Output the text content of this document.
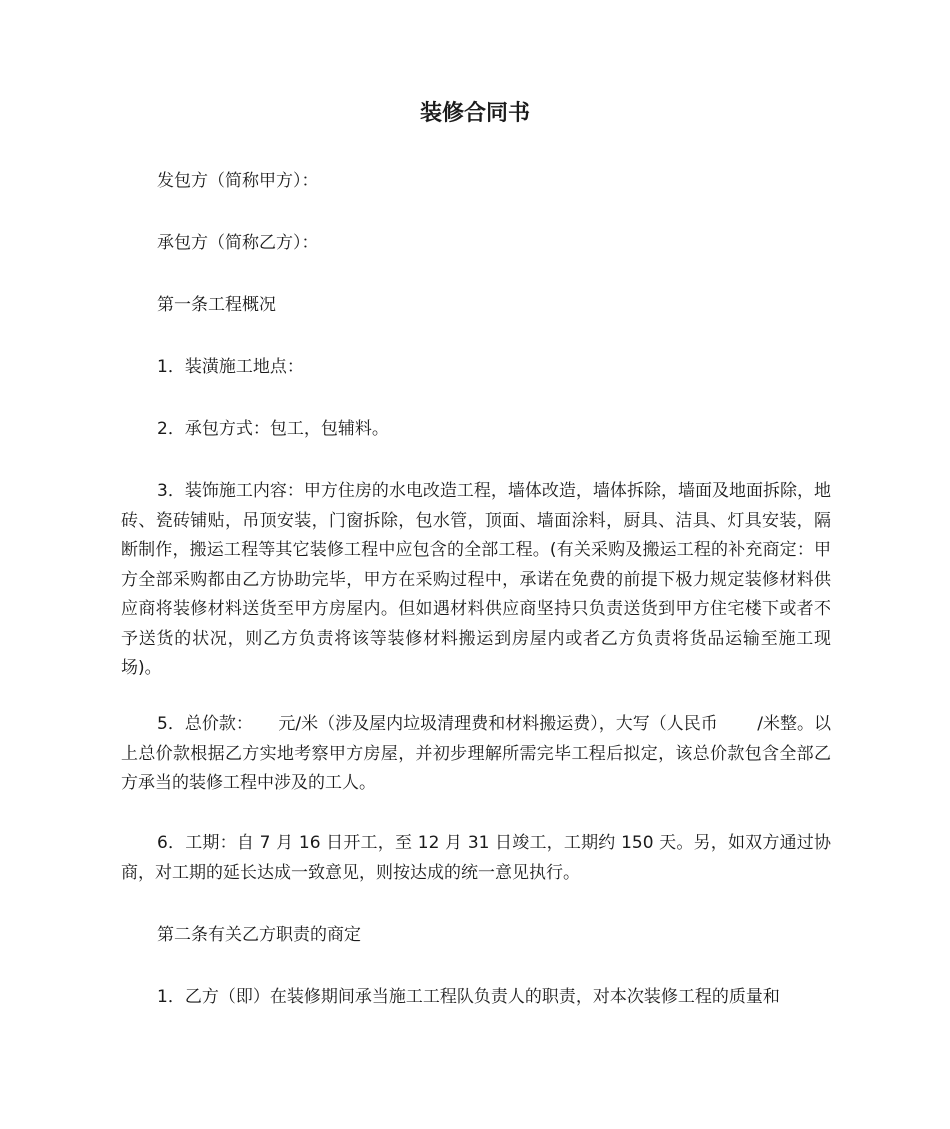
装修合同书

发包方（简称甲方）：

承包方（简称乙方）：

第一条工程概况

1．装潢施工地点：

2．承包方式：包工，包辅料。

3．装饰施工内容：甲方住房的水电改造工程，墙体改造，墙体拆除，墙面及地面拆除，地砖、瓷砖铺贴，吊顶安装，门窗拆除，包水管，顶面、墙面涂料，厨具、洁具、灯具安装，隔断制作，搬运工程等其它装修工程中应包含的全部工程。(有关采购及搬运工程的补充商定：甲方全部采购都由乙方协助完毕，甲方在采购过程中，承诺在免费的前提下极力规定装修材料供应商将装修材料送货至甲方房屋内。但如遇材料供应商坚持只负责送货到甲方住宅楼下或者不予送货的状况，则乙方负责将该等装修材料搬运到房屋内或者乙方负责将货品运输至施工现场)。

5．总价款：　　元/米（涉及屋内垃圾清理费和材料搬运费），大写（人民币　　 /米整。以上总价款根据乙方实地考察甲方房屋，并初步理解所需完毕工程后拟定，该总价款包含全部乙方承当的装修工程中涉及的工人。

6．工期：自 7 月 16 日开工，至 12 月 31 日竣工，工期约 150 天。另，如双方通过协商，对工期的延长达成一致意见，则按达成的统一意见执行。

第二条有关乙方职责的商定

1．乙方（即）在装修期间承当施工工程队负责人的职责，对本次装修工程的质量和
